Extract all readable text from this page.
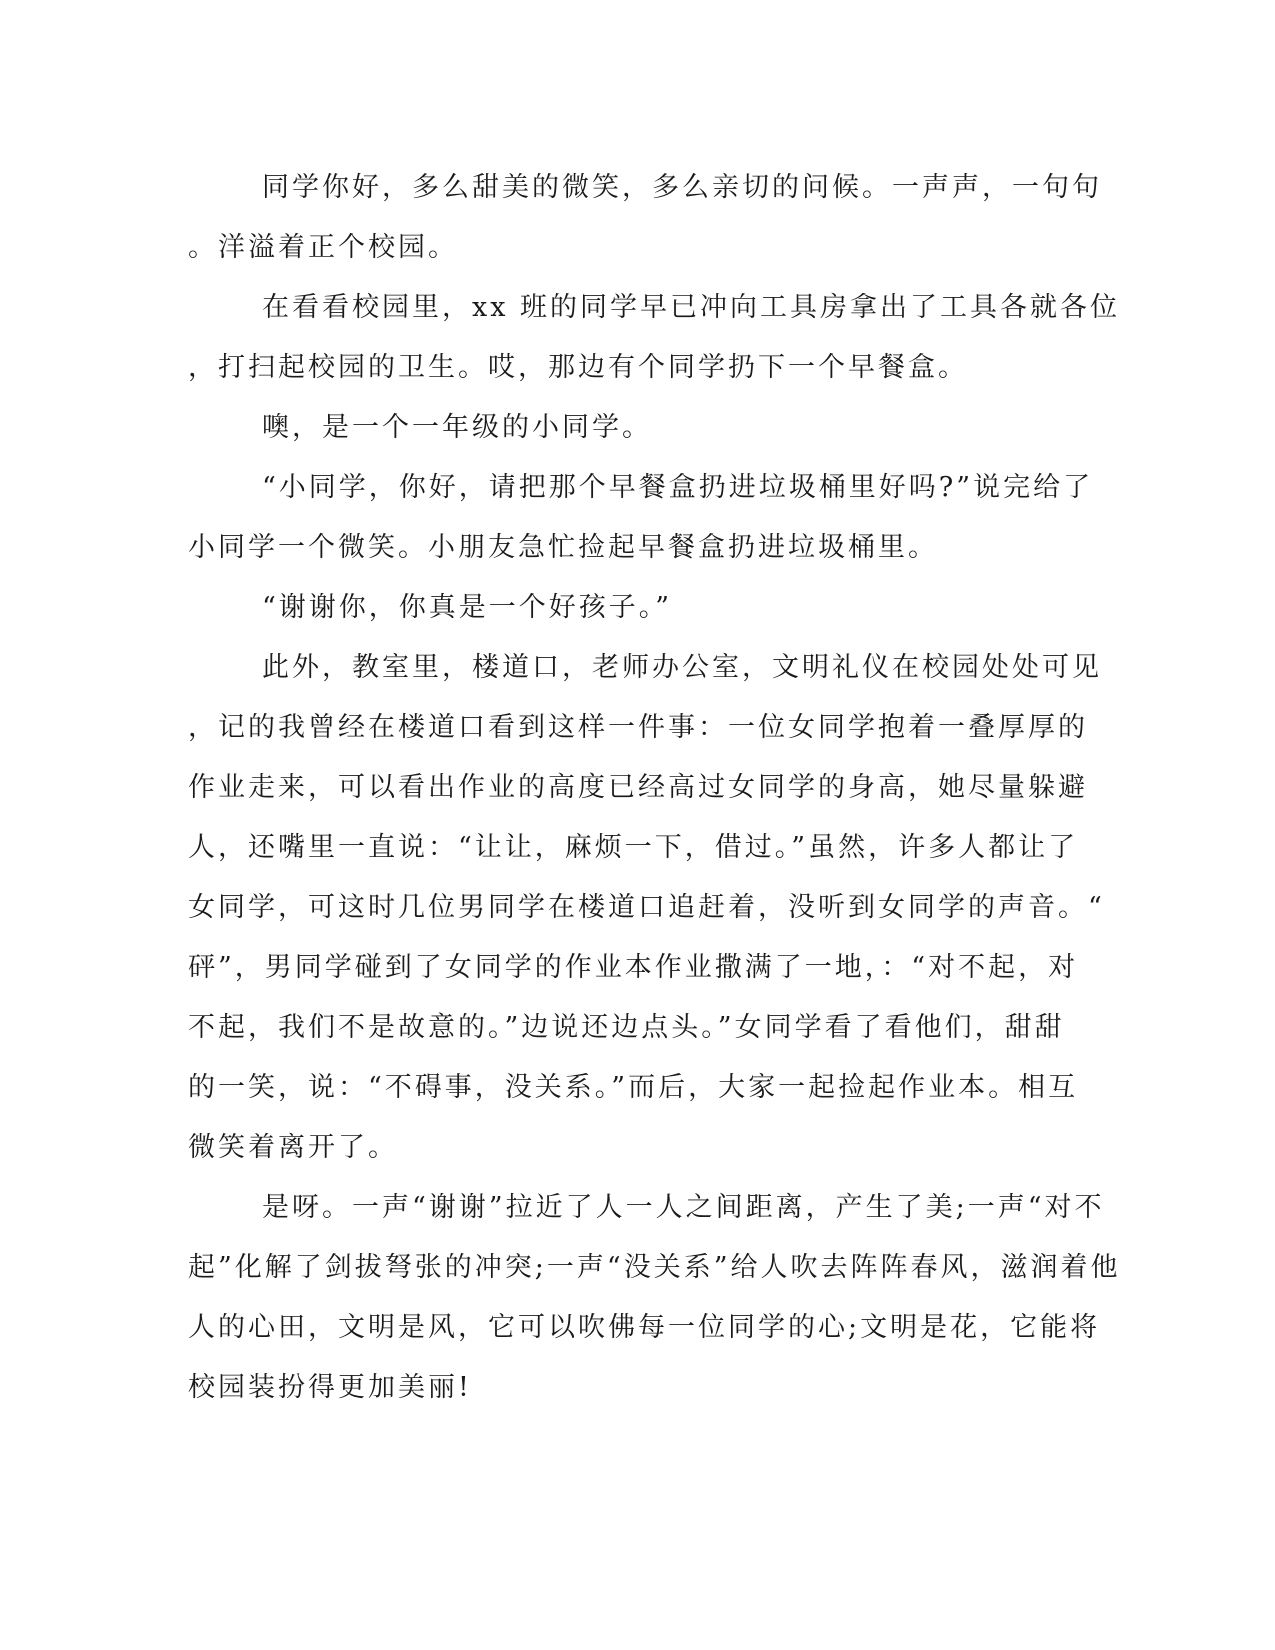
同学你好，多么甜美的微笑，多么亲切的问候。一声声，一句句
。洋溢着正个校园。
在看看校园里，xx 班的同学早已冲向工具房拿出了工具各就各位
，打扫起校园的卫生。哎，那边有个同学扔下一个早餐盒。
噢，是一个一年级的小同学。
“小同学，你好，请把那个早餐盒扔进垃圾桶里好吗?”说完给了
小同学一个微笑。小朋友急忙捡起早餐盒扔进垃圾桶里。
“谢谢你，你真是一个好孩子。”
此外，教室里，楼道口，老师办公室，文明礼仪在校园处处可见
，记的我曾经在楼道口看到这样一件事：一位女同学抱着一叠厚厚的
作业走来，可以看出作业的高度已经高过女同学的身高，她尽量躲避
人，还嘴里一直说：“让让，麻烦一下，借过。”虽然，许多人都让了
女同学，可这时几位男同学在楼道口追赶着，没听到女同学的声音。“
砰”，男同学碰到了女同学的作业本作业撒满了一地，：“对不起，对
不起，我们不是故意的。”边说还边点头。”女同学看了看他们，甜甜
的一笑，说：“不碍事，没关系。”而后，大家一起捡起作业本。相互
微笑着离开了。
是呀。一声“谢谢”拉近了人一人之间距离，产生了美;一声“对不
起”化解了剑拔弩张的冲突;一声“没关系”给人吹去阵阵春风，滋润着他
人的心田，文明是风，它可以吹佛每一位同学的心;文明是花，它能将
校园装扮得更加美丽!
